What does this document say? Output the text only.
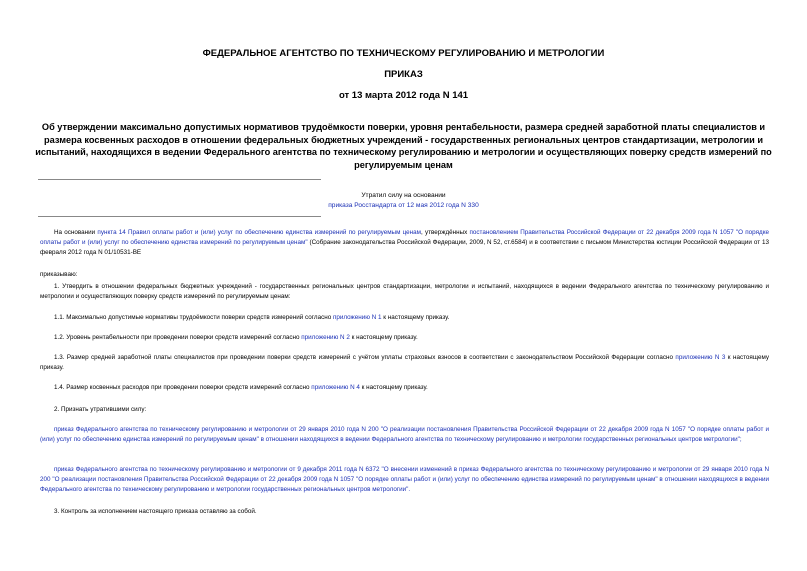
ФЕДЕРАЛЬНОЕ АГЕНТСТВО ПО ТЕХНИЧЕСКОМУ РЕГУЛИРОВАНИЮ И МЕТРОЛОГИИ
ПРИКАЗ
от 13 марта 2012 года N 141
Об утверждении максимально допустимых нормативов трудоёмкости поверки, уровня рентабельности, размера средней заработной платы специалистов и размера косвенных расходов в отношении федеральных бюджетных учреждений - государственных региональных центров стандартизации, метрологии и испытаний, находящихся в ведении Федерального агентства по техническому регулированию и метрологии и осуществляющих поверку средств измерений по регулируемым ценам
Утратил силу на основании
приказа Росстандарта от 12 мая 2012 года N 330
На основании пункта 14 Правил оплаты работ и (или) услуг по обеспечению единства измерений по регулируемым ценам, утверждённых постановлением Правительства Российской Федерации от 22 декабря 2009 года N 1057 "О порядке оплаты работ и (или) услуг по обеспечению единства измерений по регулируемым ценам" (Собрание законодательства Российской Федерации, 2009, N 52, ст.6584) и в соответствии с письмом Министерства юстиции Российской Федерации от 13 февраля 2012 года N 01/10531-ВЕ
приказываю:
1. Утвердить в отношении федеральных бюджетных учреждений - государственных региональных центров стандартизации, метрологии и испытаний, находящихся в ведении Федерального агентства по техническому регулированию и метрологии и осуществляющих поверку средств измерений по регулируемым ценам:
1.1. Максимально допустимые нормативы трудоёмкости поверки средств измерений согласно приложению N 1 к настоящему приказу.
1.2. Уровень рентабельности при проведении поверки средств измерений согласно приложению N 2 к настоящему приказу.
1.3. Размер средней заработной платы специалистов при проведении поверки средств измерений с учётом уплаты страховых взносов в соответствии с законодательством Российской Федерации согласно приложению N 3 к настоящему приказу.
1.4. Размер косвенных расходов при проведении поверки средств измерений согласно приложению N 4 к настоящему приказу.
2. Признать утратившими силу:
приказ Федерального агентства по техническому регулированию и метрологии от 29 января 2010 года N 200 "О реализации постановления Правительства Российской Федерации от 22 декабря 2009 года N 1057 "О порядке оплаты работ и (или) услуг по обеспечению единства измерений по регулируемым ценам" в отношении находящихся в ведении Федерального агентства по техническому регулированию и метрологии государственных региональных центров метрологии";
приказ Федерального агентства по техническому регулированию и метрологии от 9 декабря 2011 года N 6372 "О внесении изменений в приказ Федерального агентства по техническому регулированию и метрологии от 29 января 2010 года N 200 "О реализации постановления Правительства Российской Федерации от 22 декабря 2009 года N 1057 "О порядке оплаты работ и (или) услуг по обеспечению единства измерений по регулируемым ценам" в отношении находящихся в ведении Федерального агентства по техническому регулированию и метрологии государственных региональных центров метрологии".
3. Контроль за исполнением настоящего приказа оставляю за собой.
